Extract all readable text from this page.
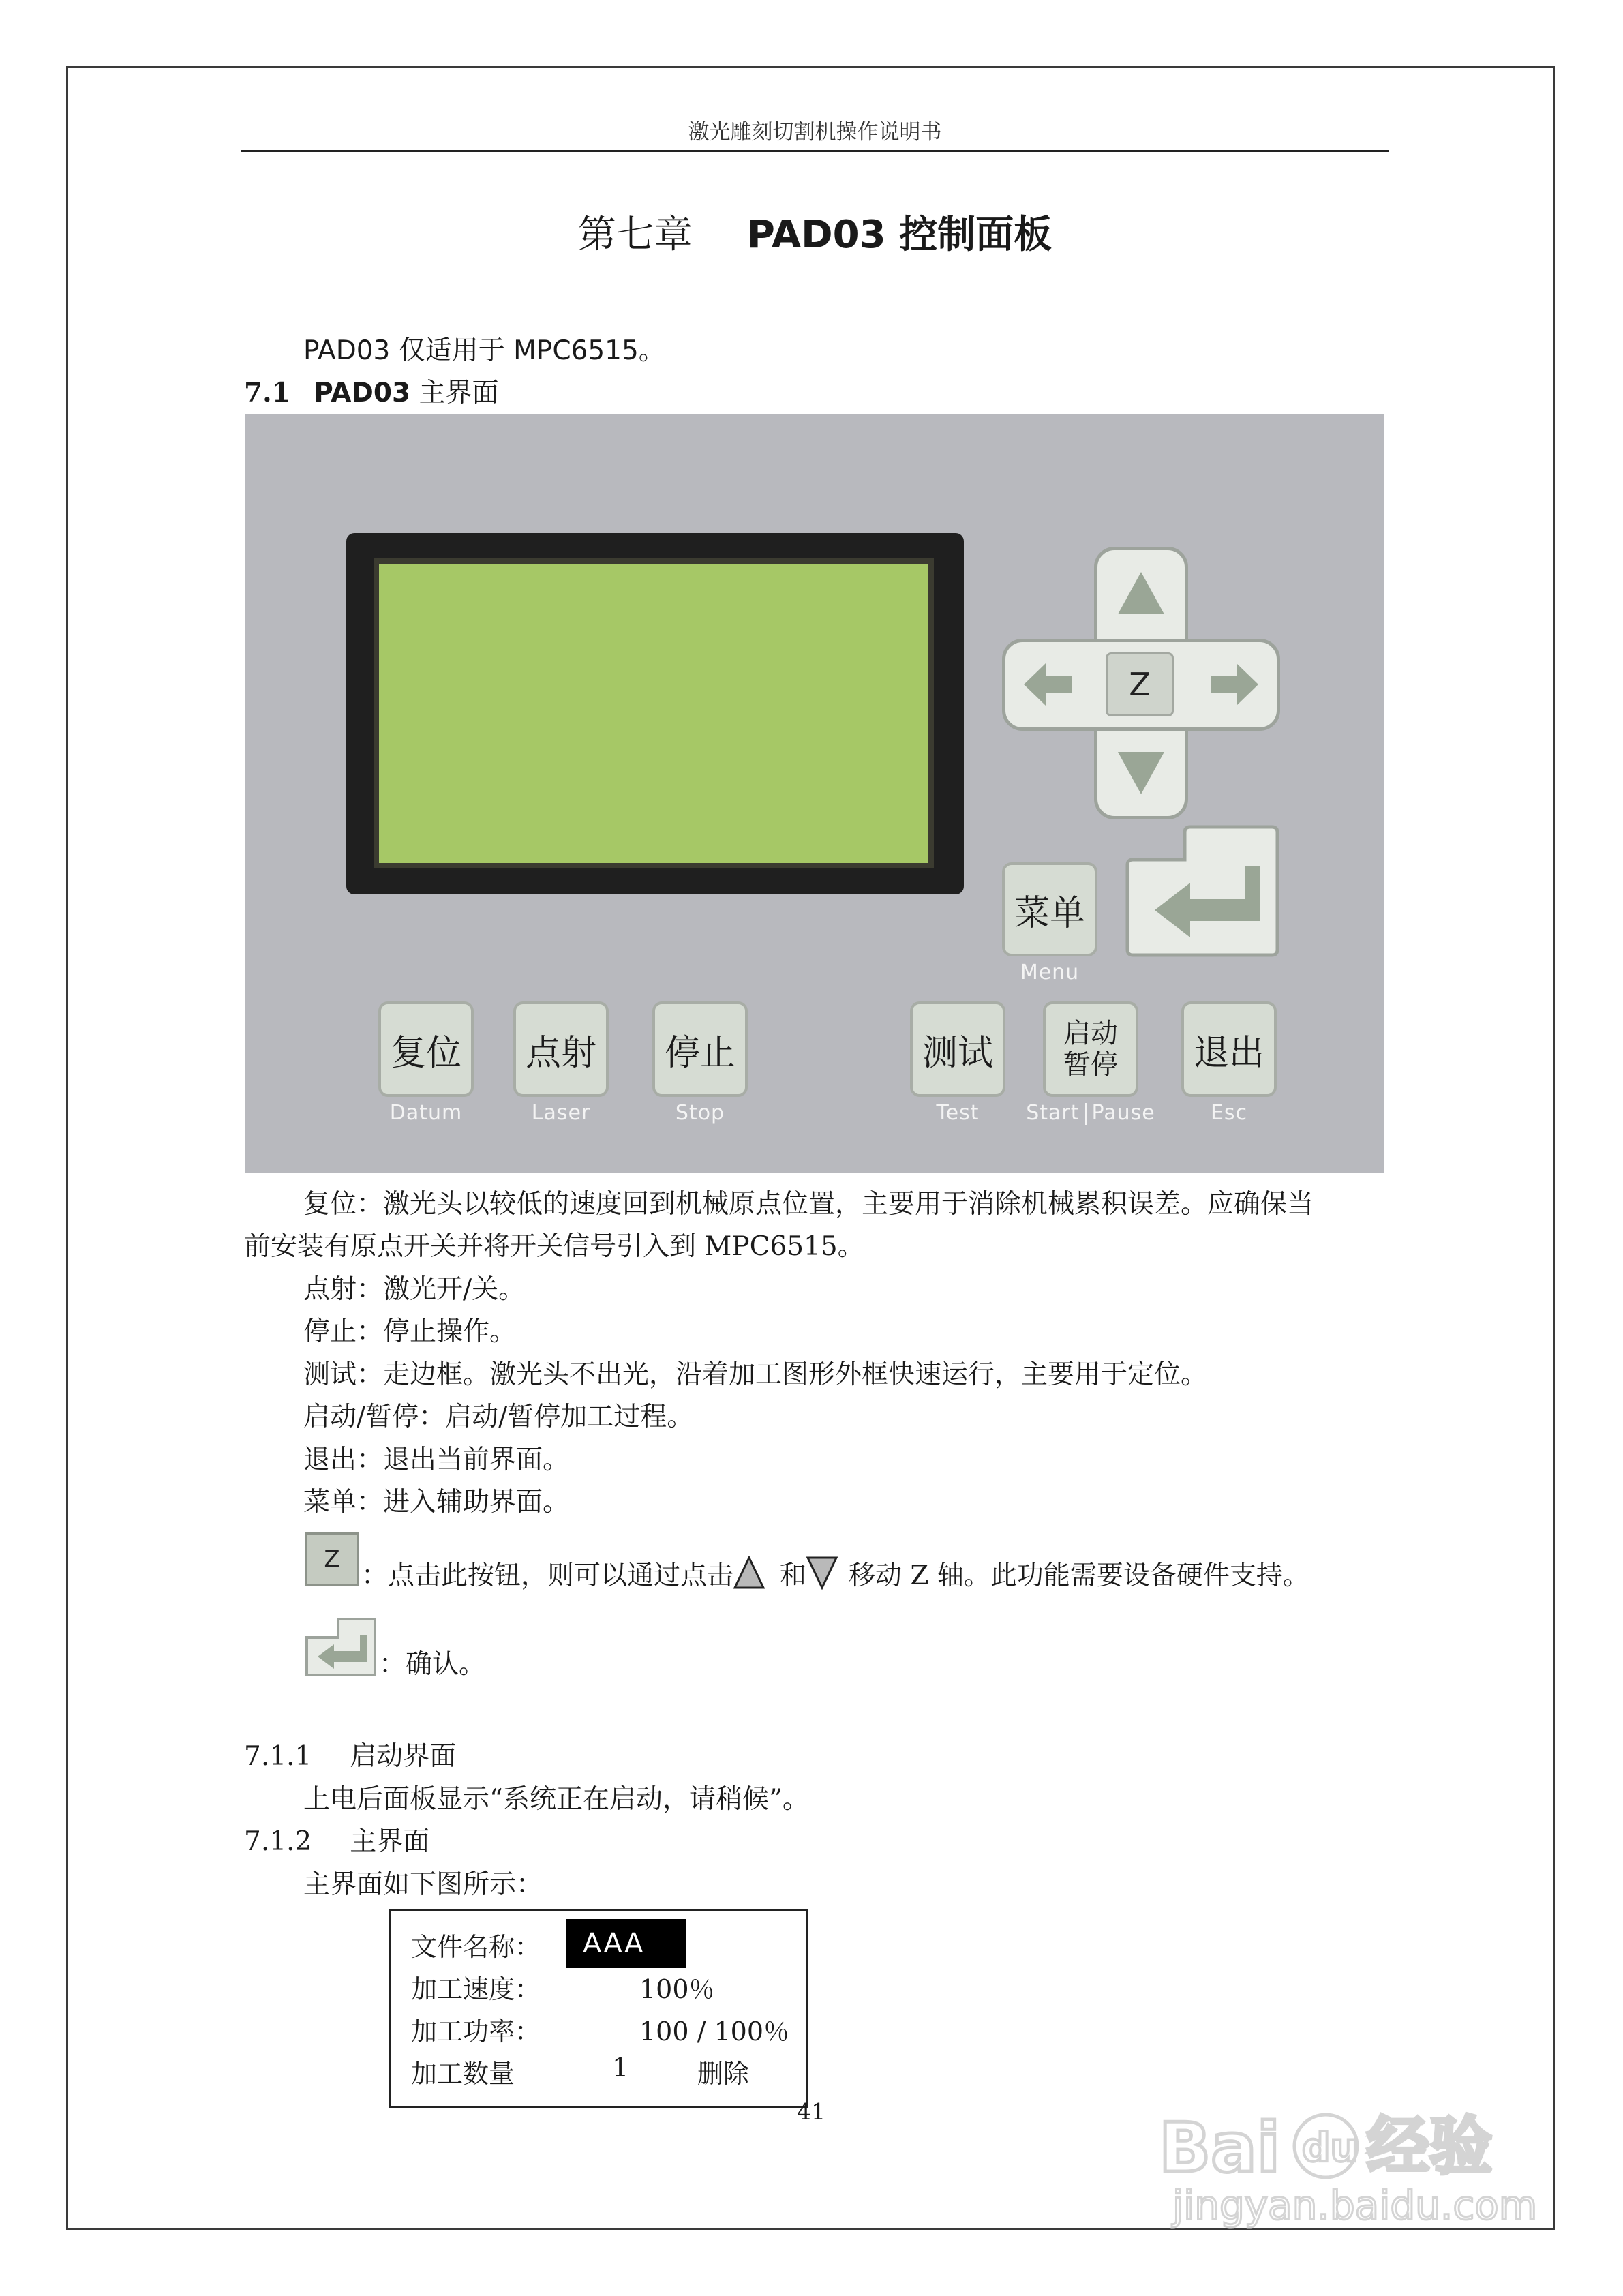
激光雕刻切割机操作说明书
第七章 PAD03 控制面板
PAD03 仅适用于 MPC6515。
7.1 PAD03 主界面
Z
菜单
Menu
复位
Datum
点射
Laser
停止
Stop
测试
Test
启动
暂停
Start Pause
退出
Esc
复位：激光头以较低的速度回到机械原点位置，主要用于消除机械累积误差。应确保当
前安装有原点开关并将开关信号引入到 MPC6515。
点射：激光开/关。
停止：停止操作。
测试：走边框。激光头不出光，沿着加工图形外框快速运行，主要用于定位。
启动/暂停：启动/暂停加工过程。
退出：退出当前界面。
菜单：进入辅助界面。
Z
：点击此按钮，则可以通过点击 和 移动 Z 轴。此功能需要设备硬件支持。
：确认。
7.1.1 启动界面
上电后面板显示“系统正在启动，请稍候”。
7.1.2 主界面
主界面如下图所示：
文件名称：	AAA
加工速度：	100％
加工功率：	100 / 100％
加工数量	1	删除
41	Bai du 经验
jingyan.baidu.com
